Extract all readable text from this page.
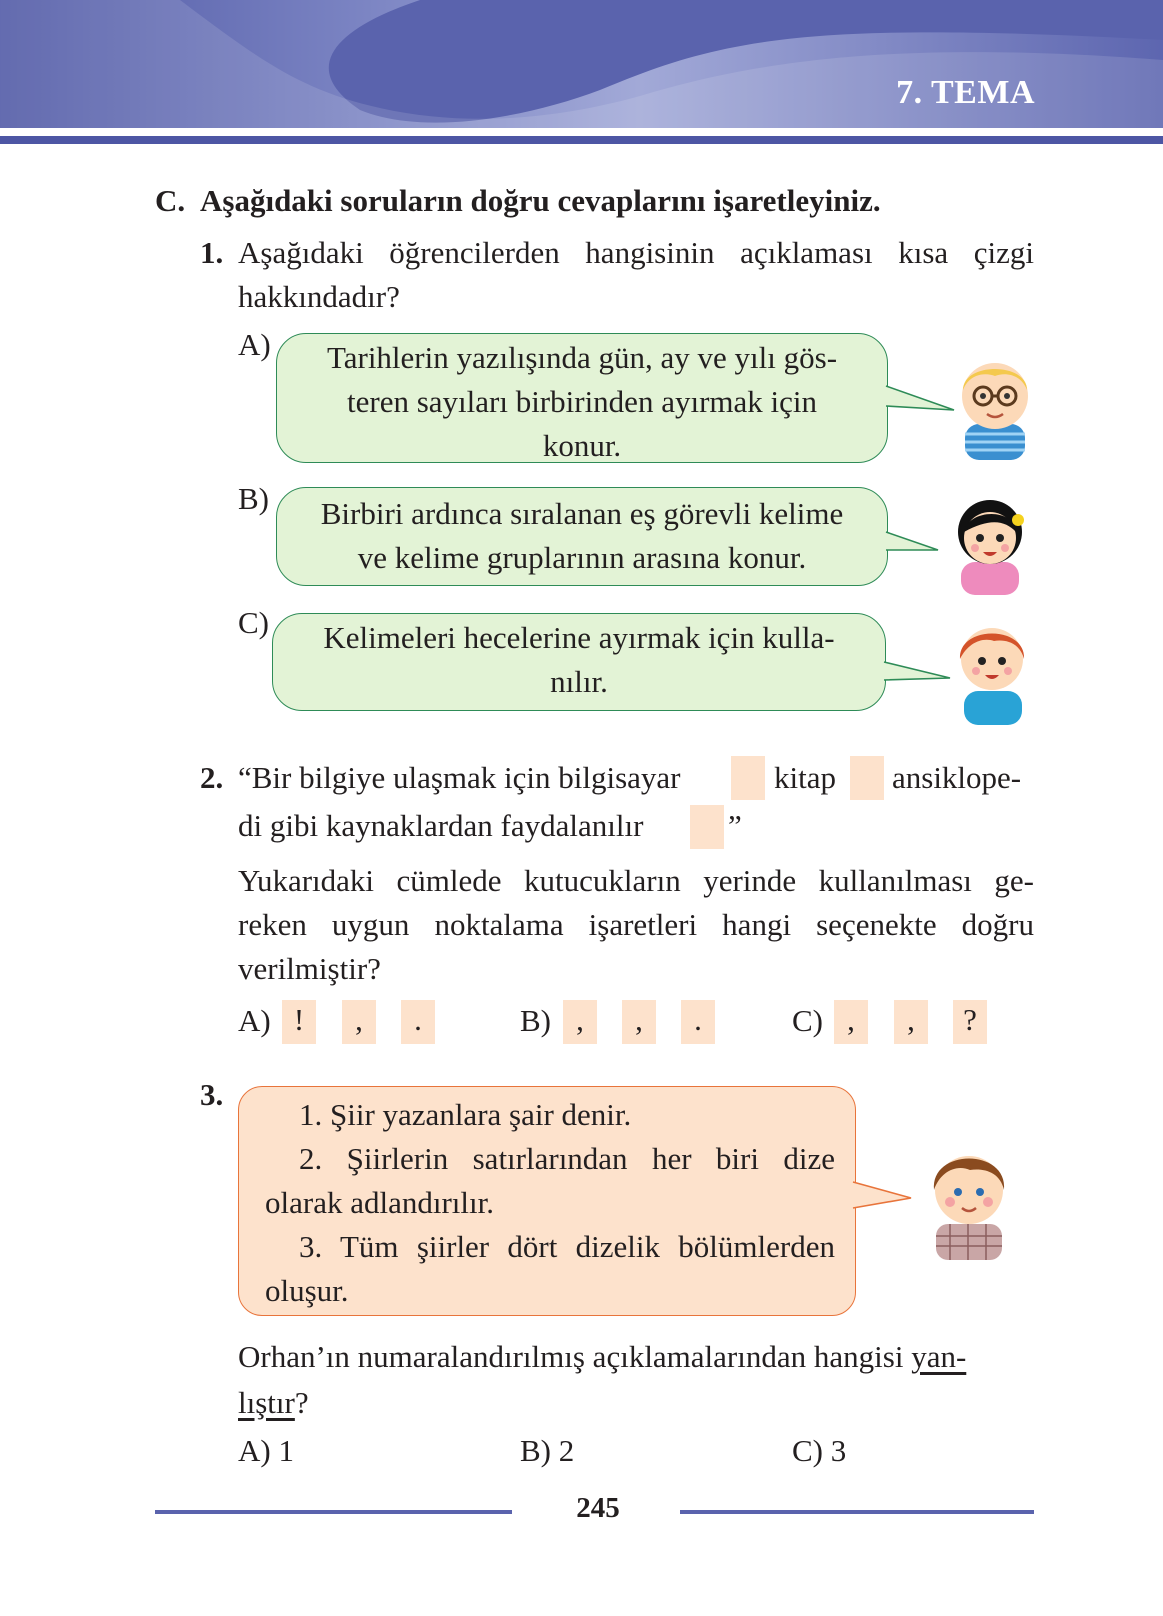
7. TEMA
C. Aşağıdaki soruların doğru cevaplarını işaretleyiniz.
1. Aşağıdaki öğrencilerden hangisinin açıklaması kısa çizgi
hakkındadır?
A)	Tarihlerin yazılışında gün, ay ve yılı gös-
teren sayıları birbirinden ayırmak için
konur.
B)	Birbiri ardınca sıralanan eş görevli kelime
ve kelime gruplarının arasına konur.
C)	Kelimeleri hecelerine ayırmak için kulla-
nılır.
2. “Bir bilgiye ulaşmak için bilgisayar	kitap ansiklope-
di gibi kaynaklardan faydalanılır	”
Yukarıdaki cümlede kutucukların yerinde kullanılması ge-
reken uygun noktalama işaretleri hangi seçenekte doğru
verilmiştir?
A) !	,	.	B) ,	,	.	C) ,	,	?
3.
1. Şiir yazanlara şair denir.
2. Şiirlerin satırlarından her biri dize
olarak adlandırılır.
3. Tüm şiirler dört dizelik bölümlerden
oluşur.
Orhan’ın numaralandırılmış açıklamalarından hangisi yan-
lıştır?
A) 1	B) 2	C) 3
245
